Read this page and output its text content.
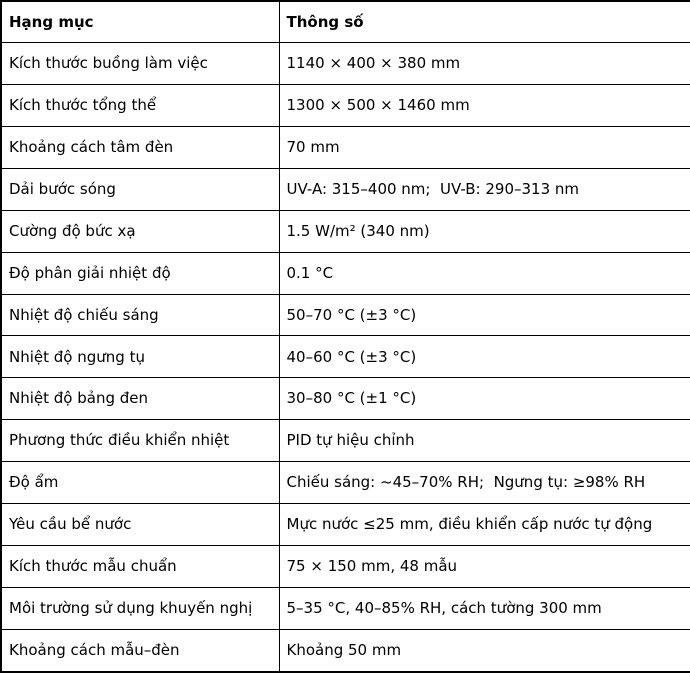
Hạng mục	Thông số
Kích thước buồng làm việc	1140 × 400 × 380 mm
Kích thước tổng thể	1300 × 500 × 1460 mm
Khoảng cách tâm đèn	70 mm
Dải bước sóng	UV-A: 315–400 nm;  UV-B: 290–313 nm
Cường độ bức xạ	1.5 W/m² (340 nm)
Độ phân giải nhiệt độ	0.1 °C
Nhiệt độ chiếu sáng	50–70 °C (±3 °C)
Nhiệt độ ngưng tụ	40–60 °C (±3 °C)
Nhiệt độ bảng đen	30–80 °C (±1 °C)
Phương thức điều khiển nhiệt	PID tự hiệu chỉnh
Độ ẩm	Chiếu sáng: ~45–70% RH;  Ngưng tụ: ≥98% RH
Yêu cầu bể nước	Mực nước ≤25 mm, điều khiển cấp nước tự động
Kích thước mẫu chuẩn	75 × 150 mm, 48 mẫu
Môi trường sử dụng khuyến nghị	5–35 °C, 40–85% RH, cách tường 300 mm
Khoảng cách mẫu–đèn	Khoảng 50 mm
